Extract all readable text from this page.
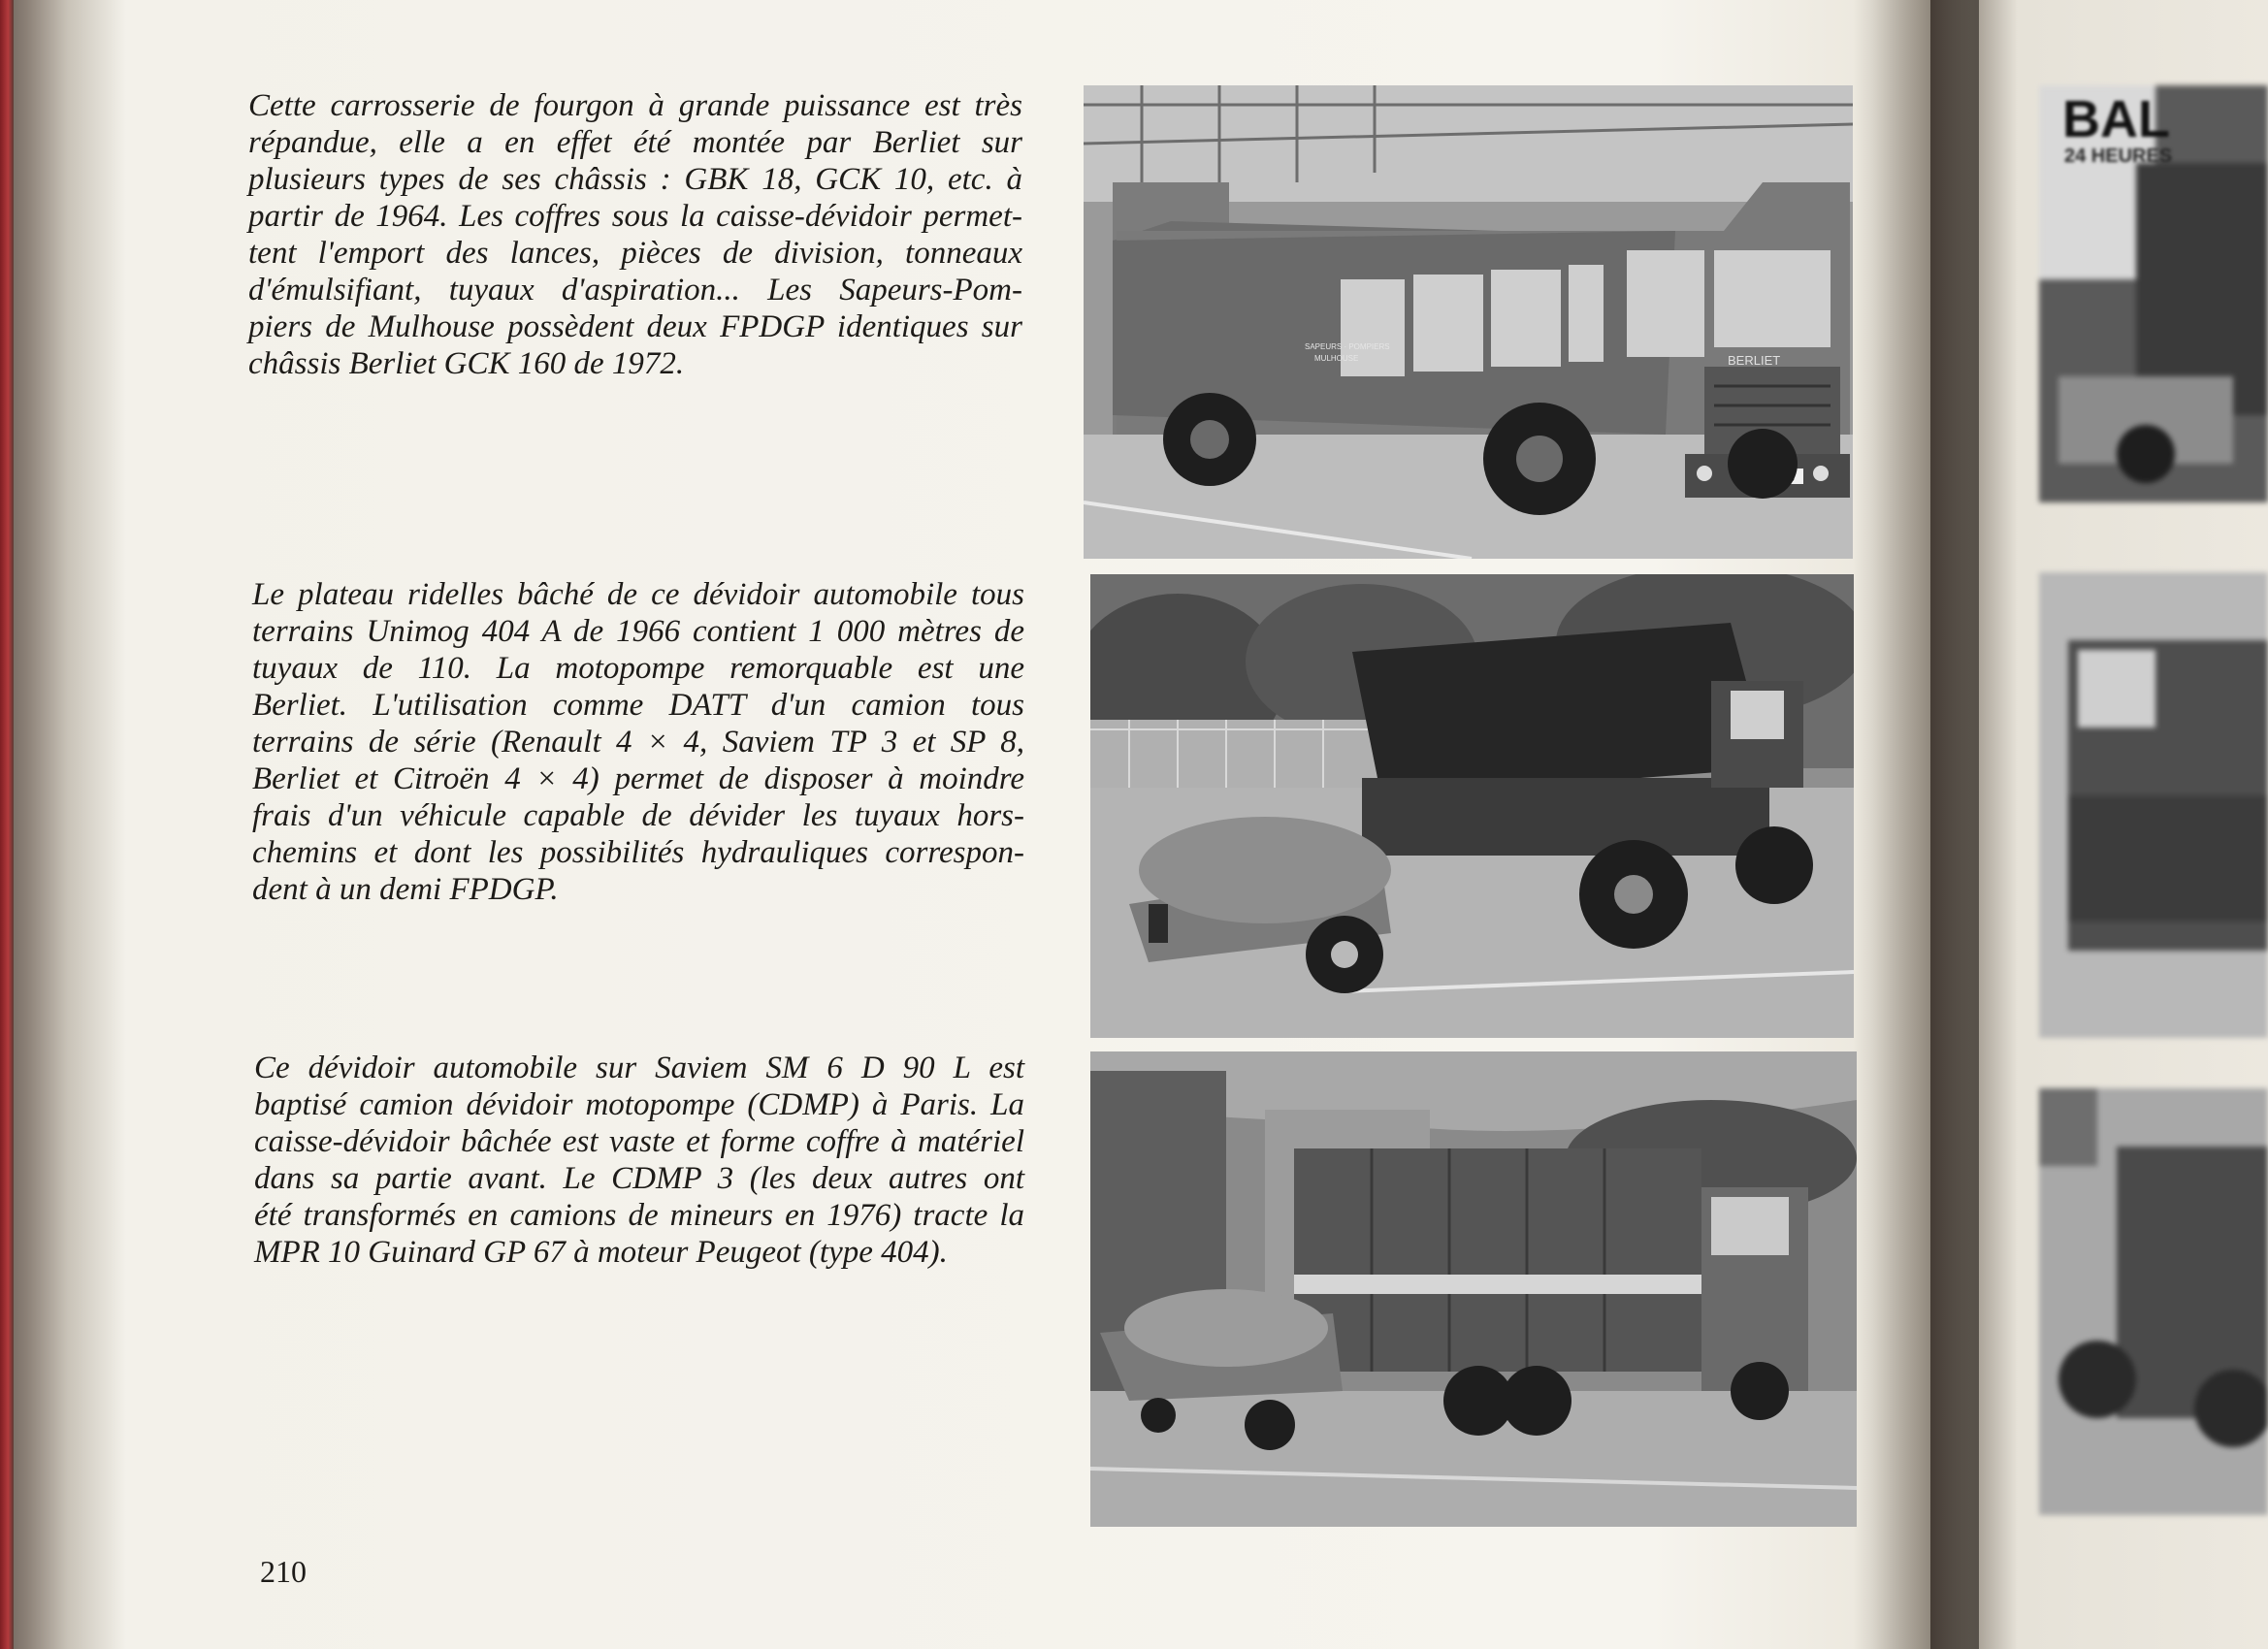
Cette carrosserie de fourgon à grande puissance est très
répandue, elle a en effet été montée par Berliet sur
plusieurs types de ses châssis : GBK 18, GCK 10, etc. à
partir de 1964. Les coffres sous la caisse-dévidoir permet-
tent l'emport des lances, pièces de division, tonneaux
d'émulsifiant, tuyaux d'aspiration... Les Sapeurs-Pom-
piers de Mulhouse possèdent deux FPDGP identiques sur
châssis Berliet GCK 160 de 1972.
Le plateau ridelles bâché de ce dévidoir automobile tous
terrains Unimog 404 A de 1966 contient 1 000 mètres de
tuyaux de 110. La motopompe remorquable est une
Berliet. L'utilisation comme DATT d'un camion tous
terrains de série (Renault 4 × 4, Saviem TP 3 et SP 8,
Berliet et Citroën 4 × 4) permet de disposer à moindre
frais d'un véhicule capable de dévider les tuyaux hors-
chemins et dont les possibilités hydrauliques correspon-
dent à un demi FPDGP.
Ce dévidoir automobile sur Saviem SM 6 D 90 L est
baptisé camion dévidoir motopompe (CDMP) à Paris. La
caisse-dévidoir bâchée est vaste et forme coffre à matériel
dans sa partie avant. Le CDMP 3 (les deux autres ont
été transformés en camions de mineurs en 1976) tracte la
MPR 10 Guinard GP 67 à moteur Peugeot (type 404).
BERLIET
SAPEURS · POMPIERS
MULHOUSE
BAL
24 HEURES
210
